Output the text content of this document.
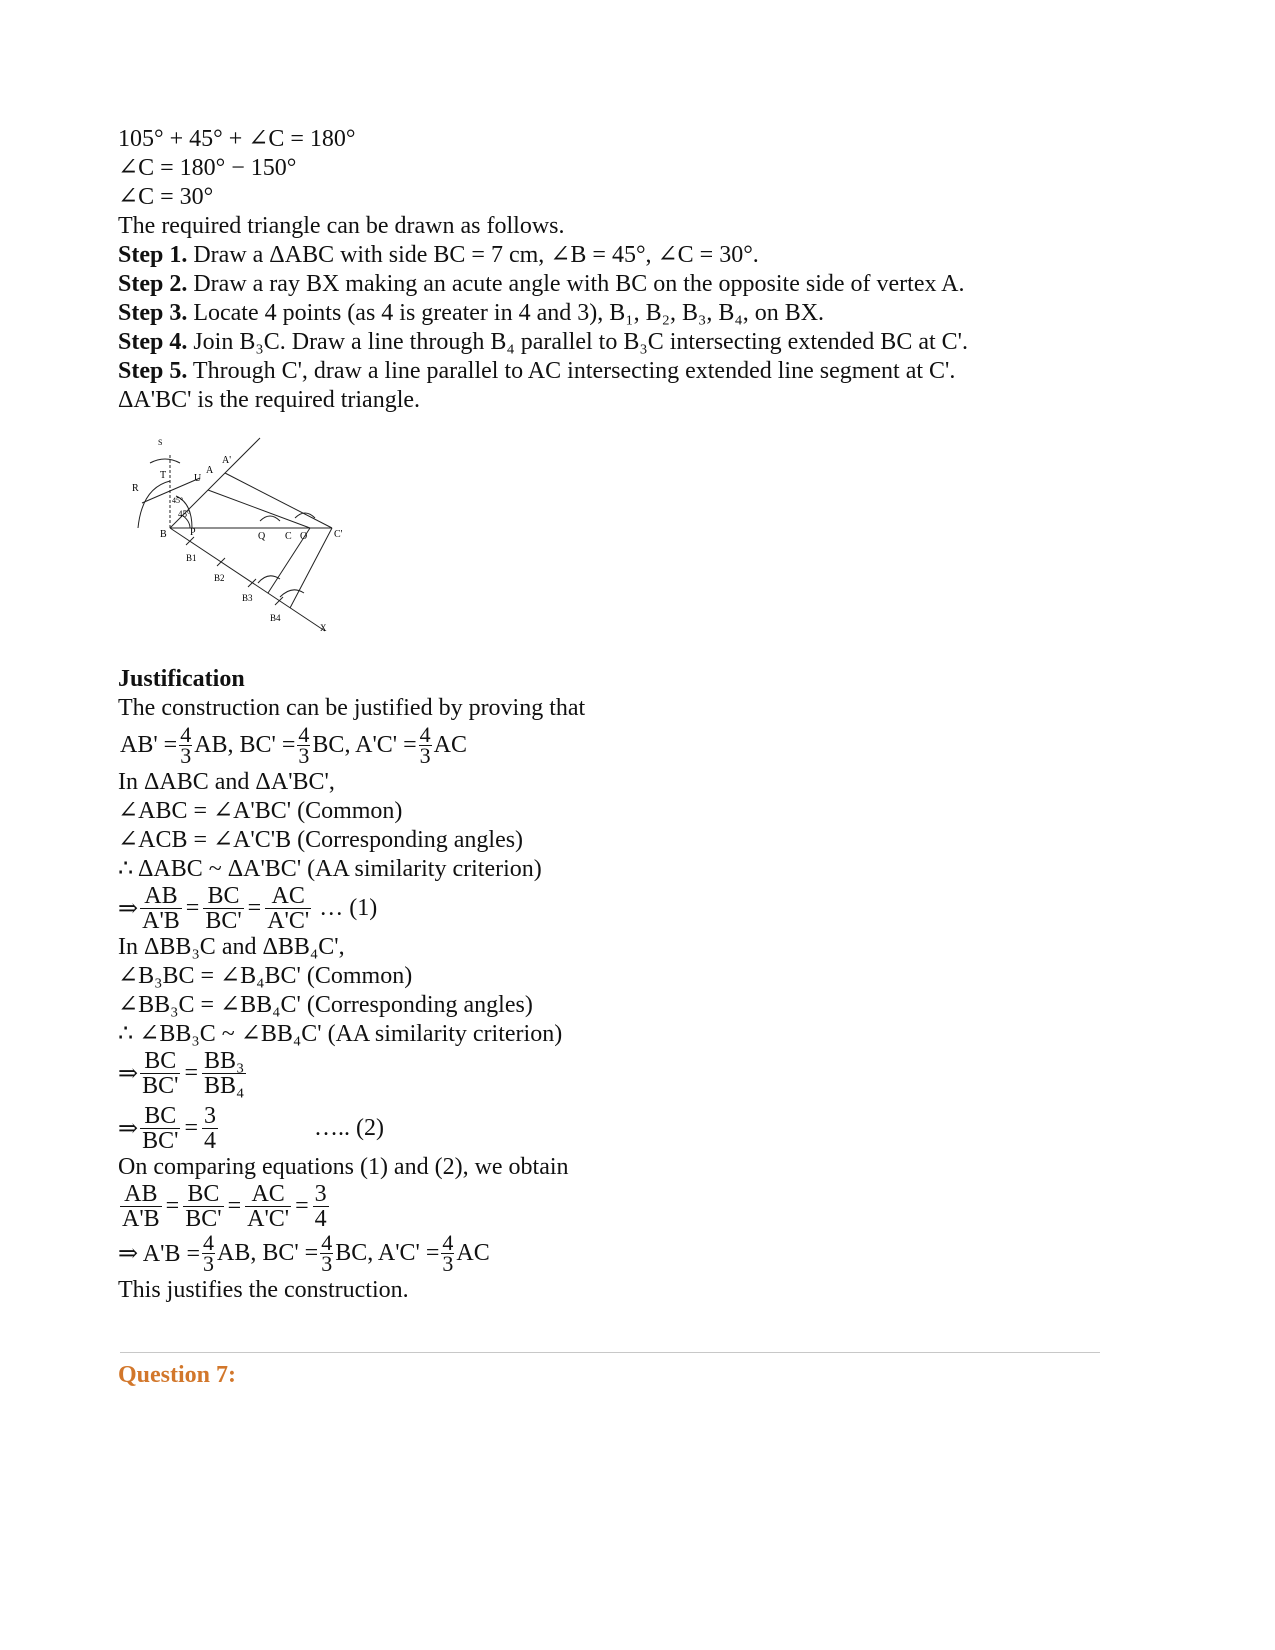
105° + 45° + ∠C = 180°
∠C = 180° − 150°
∠C = 30°
The required triangle can be drawn as follows.
Step 1. Draw a ΔABC with side BC = 7 cm, ∠B = 45°, ∠C = 30°.
Step 2. Draw a ray BX making an acute angle with BC on the opposite side of vertex A.
Step 3. Locate 4 points (as 4 is greater in 4 and 3), B₁, B₂, B₃, B₄, on BX.
Step 4. Join B₃C. Draw a line through B₄ parallel to B₃C intersecting extended BC at C'.
Step 5. Through C', draw a line parallel to AC intersecting extended line segment at C'.
ΔA'BC' is the required triangle.
S
T
R
U
A
A'
B P
45°
45°
Q C O	C'
B1
B2
B3
B4
X
Justification
The construction can be justified by proving that
$AB' = \frac{4}{3}$ AB, $BC' = \frac{4}{3}$ BC, $A'C' = \frac{4}{3}$ AC
In ΔABC and ΔA'BC',
∠ABC = ∠A'BC' (Common)
∠ACB = ∠A'C'B (Corresponding angles)
∴ ΔABC ~ ΔA'BC' (AA similarity criterion)
⇒ $\frac{AB}{A'B} = \frac{BC}{BC'} = \frac{AC}{A'C'}$ … (1)
In ΔBB₃C and ΔBB₄C',
∠B₃BC = ∠B₄BC' (Common)
∠BB₃C = ∠BB₄C' (Corresponding angles)
∴ ∠BB₃C ~ ∠BB₄C' (AA similarity criterion)
⇒ $\frac{BC}{BC'} = \frac{\text{BB₃}}{\text{BB₄}}$
⇒ $\frac{BC}{BC'} = \frac{3}{4}$	….. (2)
On comparing equations (1) and (2), we obtain
$\frac{AB}{A'B} = \frac{BC}{BC'} = \frac{AC}{A'C'} = \frac{3}{4}$
⇒ $A'B = \frac{4}{3}$ AB, $BC' = \frac{4}{3}$ BC, $A'C' = \frac{4}{3}$ AC
This justifies the construction.
Question 7:
